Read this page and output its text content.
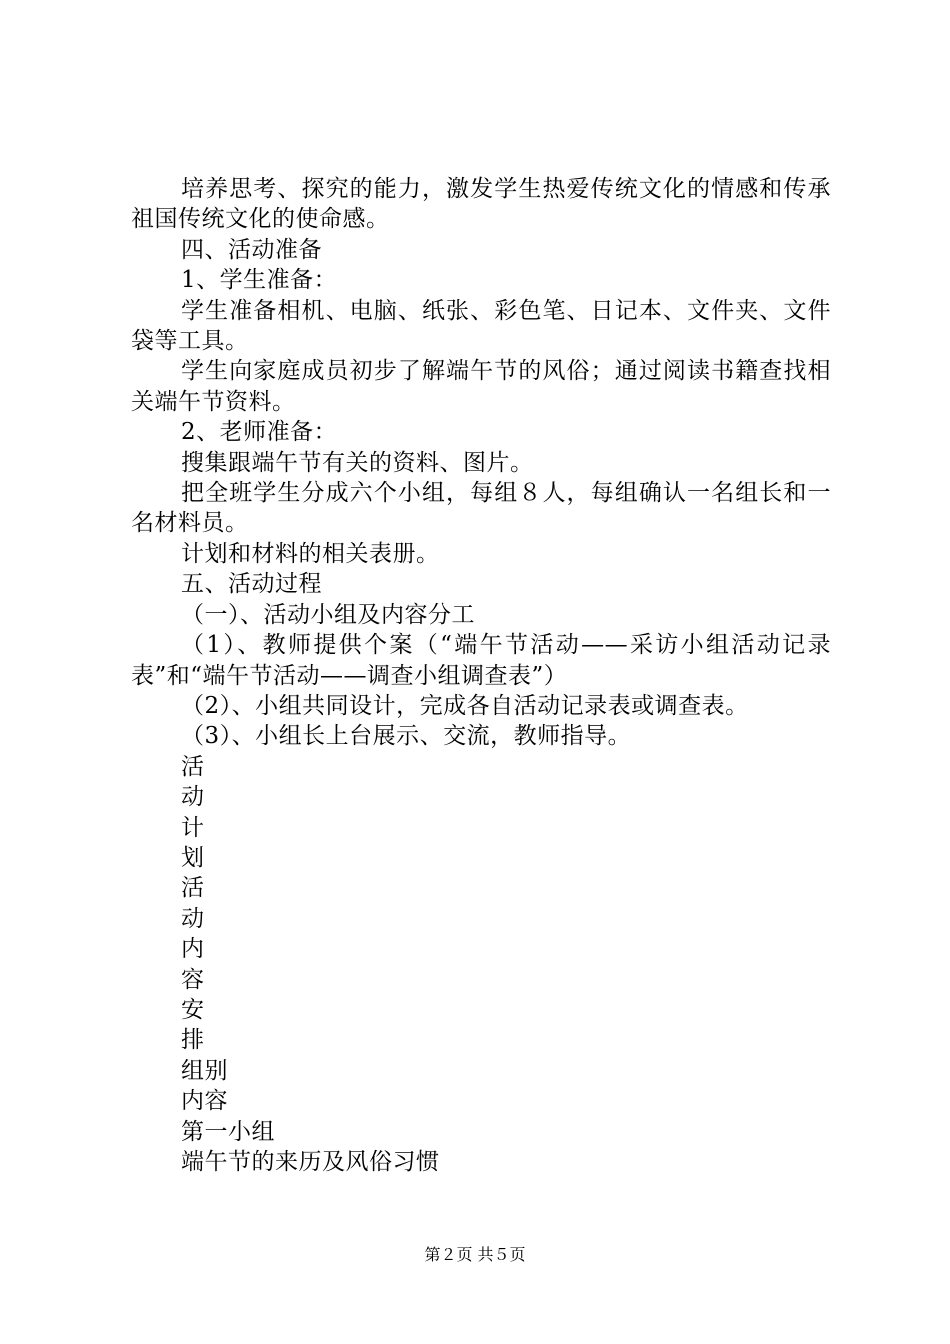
培养思考、探究的能力，激发学生热爱传统文化的情感和传承祖国传统文化的使命感。

四、活动准备

1、学生准备：

学生准备相机、电脑、纸张、彩色笔、日记本、文件夹、文件袋等工具。

学生向家庭成员初步了解端午节的风俗；通过阅读书籍查找相关端午节资料。

2、老师准备：

搜集跟端午节有关的资料、图片。

把全班学生分成六个小组，每组８人，每组确认一名组长和一名材料员。

计划和材料的相关表册。

五、活动过程

（一）、活动小组及内容分工

（1）、教师提供个案（“端午节活动——采访小组活动记录表”和“端午节活动——调查小组调查表”）

（2）、小组共同设计，完成各自活动记录表或调查表。

（3）、小组长上台展示、交流，教师指导。

活

动

计

划

活

动

内

容

安

排

组别

内容

第一小组

端午节的来历及风俗习惯

第２页 共５页
